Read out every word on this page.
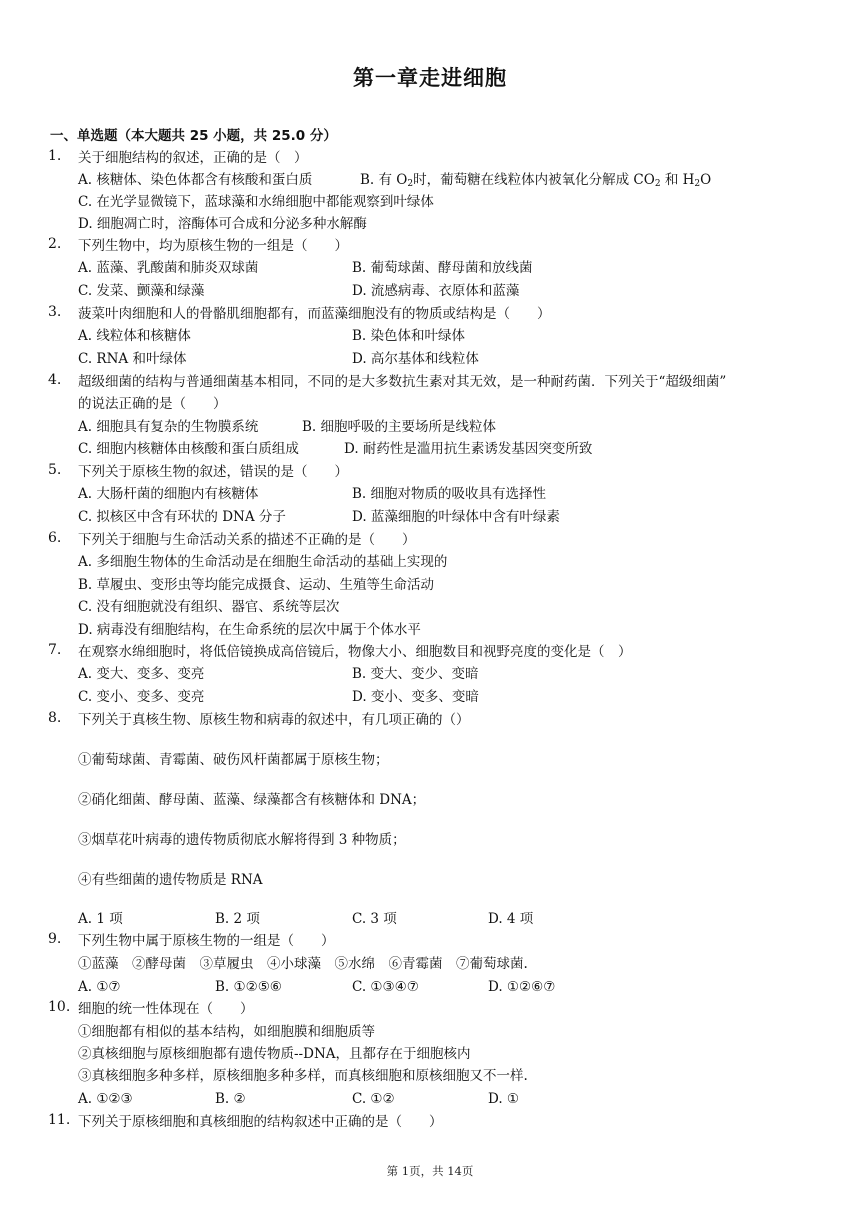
第一章走进细胞
一、单选题（本大题共 25 小题，共 25.0 分）
1. 关于细胞结构的叙述，正确的是（　）
A. 核糖体、染色体都含有核酸和蛋白质	B. 有 $O_2$时，葡萄糖在线粒体内被氧化分解成 $CO_2$ 和 $H_2O$
C. 在光学显微镜下，蓝球藻和水绵细胞中都能观察到叶绿体
D. 细胞凋亡时，溶酶体可合成和分泌多种水解酶
2. 下列生物中，均为原核生物的一组是（　　）
A. 蓝藻、乳酸菌和肺炎双球菌	B. 葡萄球菌、酵母菌和放线菌
C. 发菜、颤藻和绿藻	D. 流感病毒、衣原体和蓝藻
3. 菠菜叶肉细胞和人的骨骼肌细胞都有，而蓝藻细胞没有的物质或结构是（　　）
A. 线粒体和核糖体	B. 染色体和叶绿体
C. RNA 和叶绿体	D. 高尔基体和线粒体
4. 超级细菌的结构与普通细菌基本相同，不同的是大多数抗生素对其无效，是一种耐药菌．下列关于“超级细菌”
的说法正确的是（　　）
A. 细胞具有复杂的生物膜系统	B. 细胞呼吸的主要场所是线粒体
C. 细胞内核糖体由核酸和蛋白质组成	D. 耐药性是滥用抗生素诱发基因突变所致
5. 下列关于原核生物的叙述，错误的是（　　）
A. 大肠杆菌的细胞内有核糖体	B. 细胞对物质的吸收具有选择性
C. 拟核区中含有环状的 DNA 分子	D. 蓝藻细胞的叶绿体中含有叶绿素
6. 下列关于细胞与生命活动关系的描述不正确的是（　　）
A. 多细胞生物体的生命活动是在细胞生命活动的基础上实现的
B. 草履虫、变形虫等均能完成摄食、运动、生殖等生命活动
C. 没有细胞就没有组织、器官、系统等层次
D. 病毒没有细胞结构，在生命系统的层次中属于个体水平
7. 在观察水绵细胞时，将低倍镜换成高倍镜后，物像大小、细胞数目和视野亮度的变化是（　）
A. 变大、变多、变亮	B. 变大、变少、变暗
C. 变小、变多、变亮	D. 变小、变多、变暗
8. 下列关于真核生物、原核生物和病毒的叙述中，有几项正确的（）
①葡萄球菌、青霉菌、破伤风杆菌都属于原核生物；
②硝化细菌、酵母菌、蓝藻、绿藻都含有核糖体和 DNA；
③烟草花叶病毒的遗传物质彻底水解将得到 3 种物质；
④有些细菌的遗传物质是 RNA
A. 1 项	B. 2 项	C. 3 项	D. 4 项
9. 下列生物中属于原核生物的一组是（　　）
①蓝藻　②酵母菌　③草履虫　④小球藻　⑤水绵　⑥青霉菌　⑦葡萄球菌.
A. ①⑦	B. ①②⑤⑥	C. ①③④⑦	D. ①②⑥⑦
10. 细胞的统一性体现在（　　）
①细胞都有相似的基本结构，如细胞膜和细胞质等
②真核细胞与原核细胞都有遗传物质--DNA，且都存在于细胞核内
③真核细胞多种多样，原核细胞多种多样，而真核细胞和原核细胞又不一样.
A. ①②③	B. ②	C. ①②	D. ①
11. 下列关于原核细胞和真核细胞的结构叙述中正确的是（　　）
第 1页，共 14页
